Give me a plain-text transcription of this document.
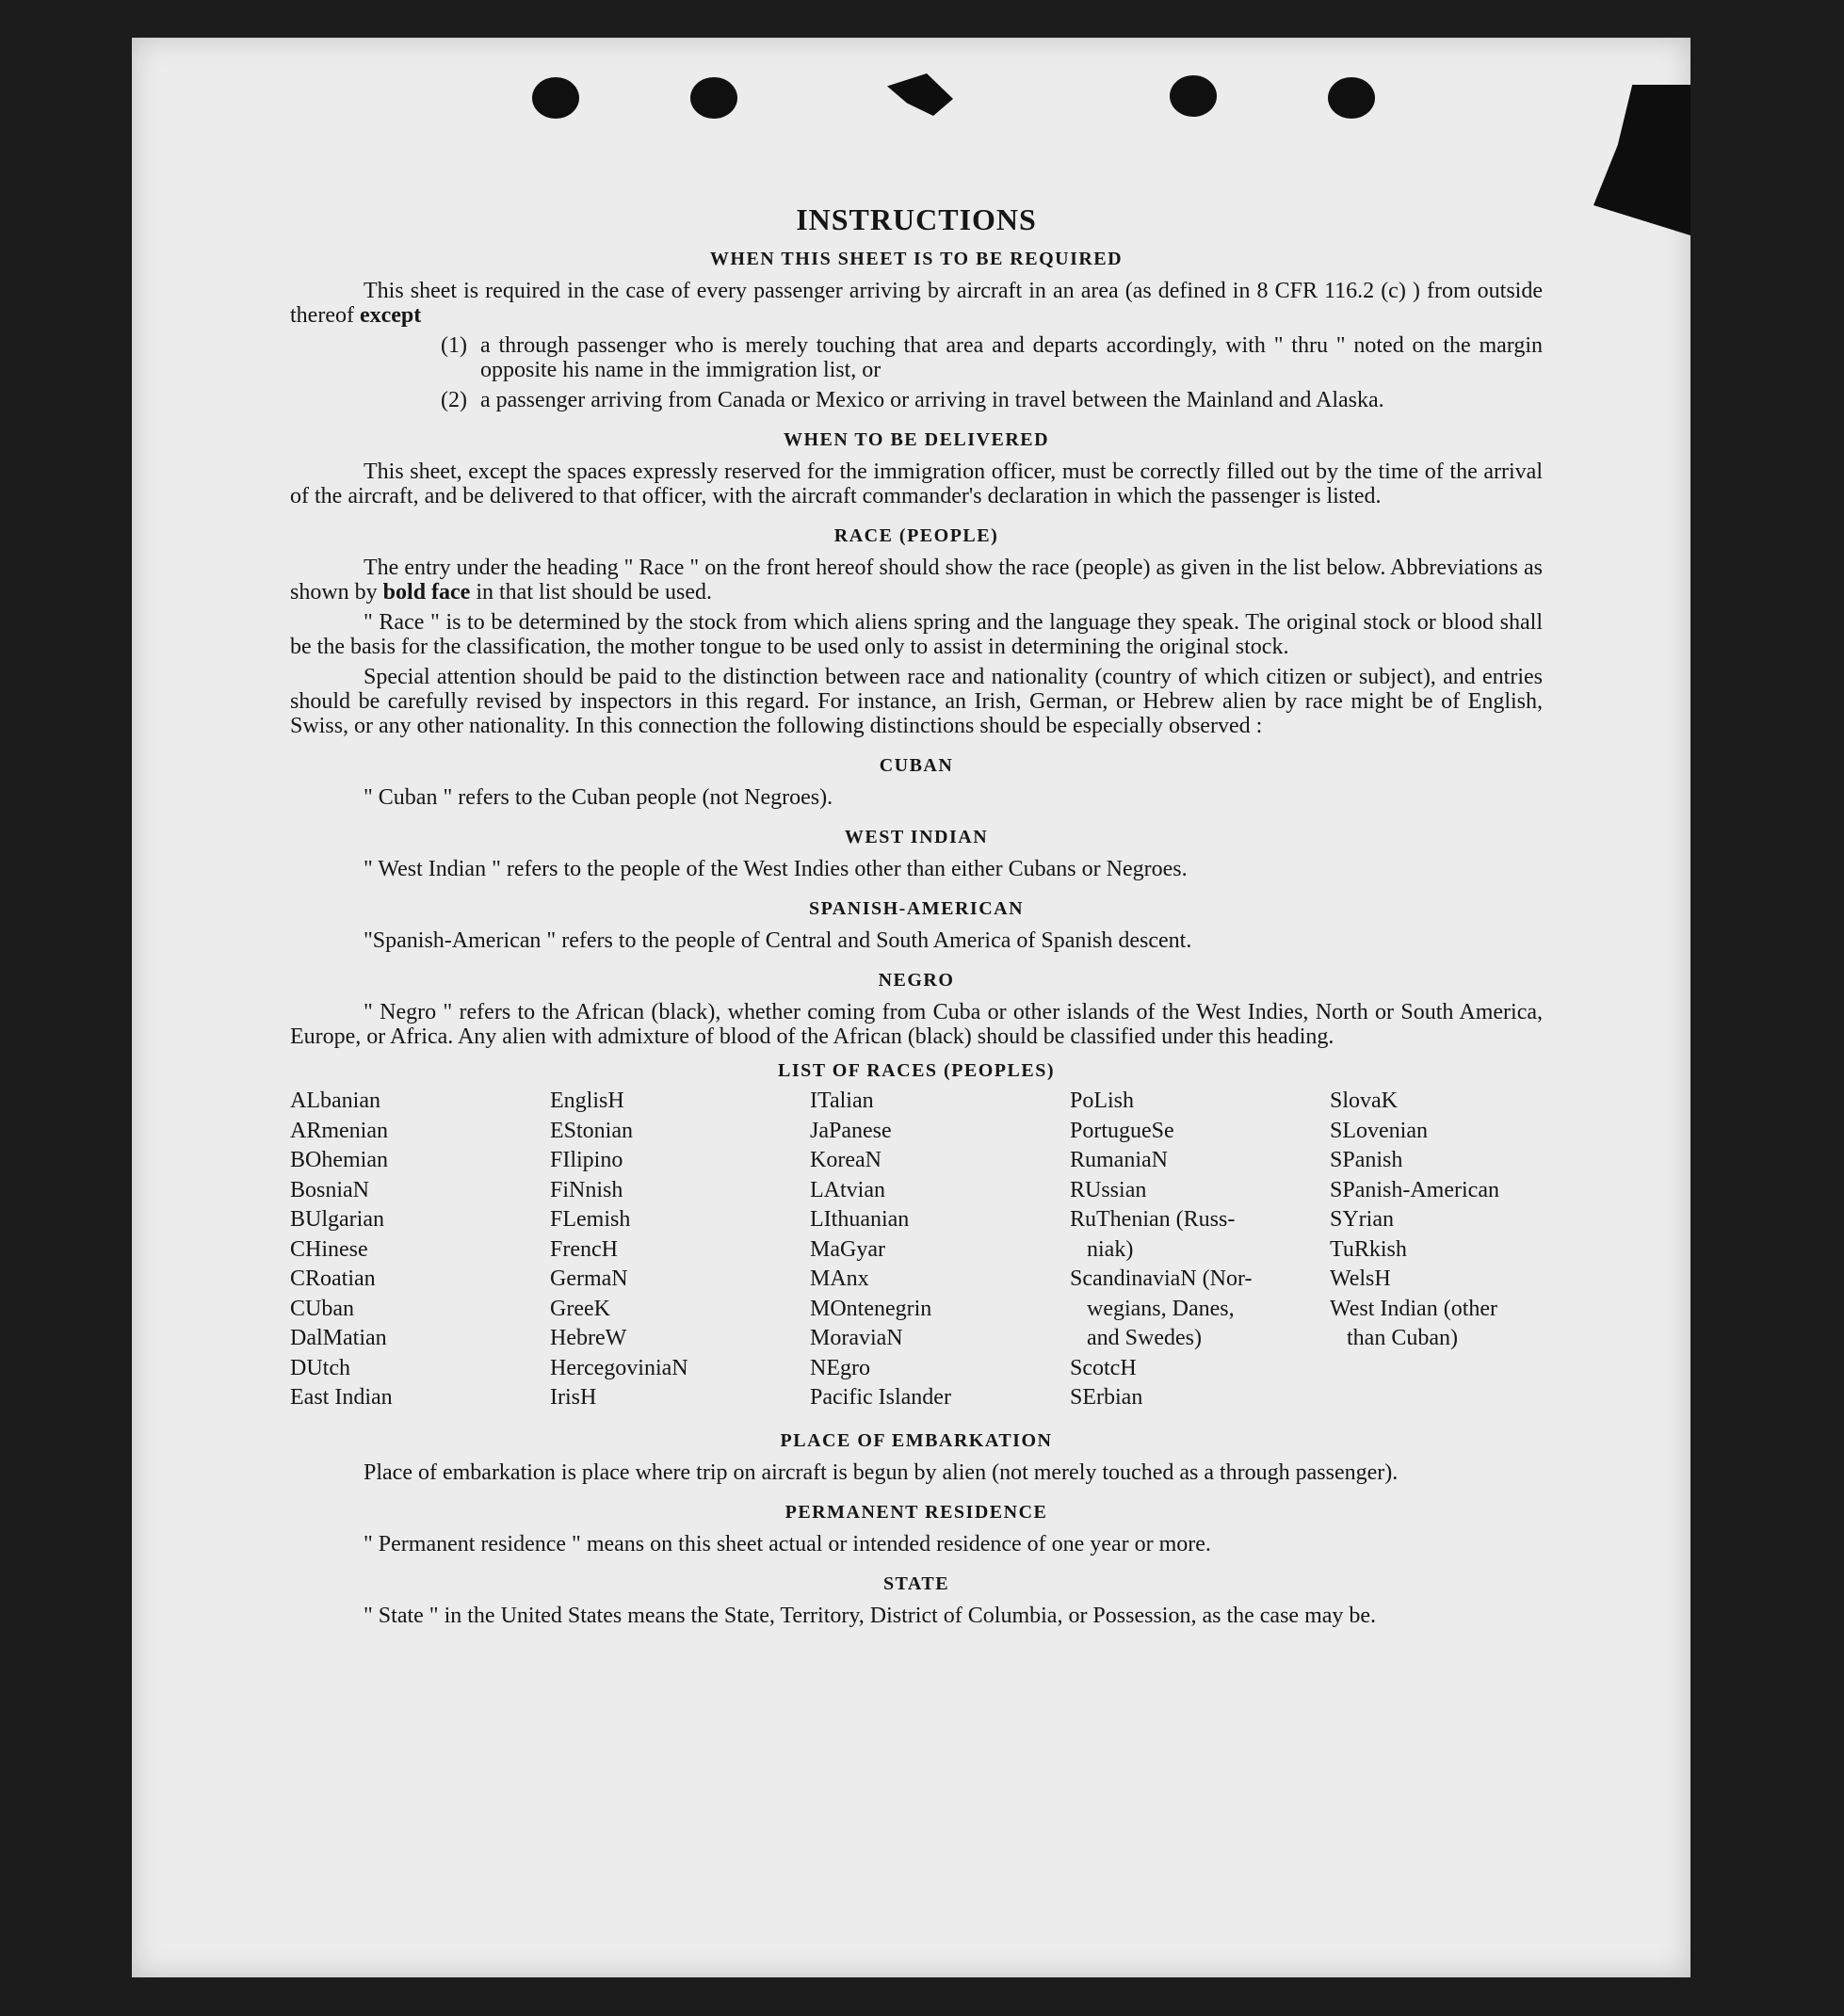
INSTRUCTIONS
WHEN THIS SHEET IS TO BE REQUIRED

This sheet is required in the case of every passenger arriving by aircraft in an area (as defined in 8 CFR 116.2 (c) ) from outside thereof except

(1) a through passenger who is merely touching that area and departs accordingly, with " thru " noted on the margin opposite his name in the immigration list, or
(2) a passenger arriving from Canada or Mexico or arriving in travel between the Mainland and Alaska.
WHEN TO BE DELIVERED

This sheet, except the spaces expressly reserved for the immigration officer, must be correctly filled out by the time of the arrival of the aircraft, and be delivered to that officer, with the aircraft commander's declaration in which the passenger is listed.

RACE (PEOPLE)

The entry under the heading " Race " on the front hereof should show the race (people) as given in the list below. Abbreviations as shown by bold face in that list should be used.

" Race " is to be determined by the stock from which aliens spring and the language they speak. The original stock or blood shall be the basis for the classification, the mother tongue to be used only to assist in determining the original stock.

Special attention should be paid to the distinction between race and nationality (country of which citizen or subject), and entries should be carefully revised by inspectors in this regard. For instance, an Irish, German, or Hebrew alien by race might be of English, Swiss, or any other nationality. In this connection the following distinctions should be especially observed :

CUBAN

" Cuban " refers to the Cuban people (not Negroes).

WEST INDIAN

" West Indian " refers to the people of the West Indies other than either Cubans or Negroes.

SPANISH-AMERICAN

"Spanish-American " refers to the people of Central and South America of Spanish descent.

NEGRO

" Negro " refers to the African (black), whether coming from Cuba or other islands of the West Indies, North or South America, Europe, or Africa. Any alien with admixture of blood of the African (black) should be classified under this heading.

LIST OF RACES (PEOPLES)
ALbanian
ARmenian
BOhemian
BosniaN
BUlgarian
CHinese
CRoatian
CUban
DalMatian
DUtch
East Indian
EnglisH
EStonian
FIlipino
FiNnish
FLemish
FrencH
GermaN
GreeK
HebreW
HercegoviniaN
IrisH
ITalian
JaPanese
KoreaN
LAtvian
LIthuanian
MaGyar
MAnx
MOntenegrin
MoraviaN
NEgro
Pacific Islander
PoLish
PortugueSe
RumaniaN
RUssian
RuThenian (Russ-
niak)
ScandinaviaN (Nor-
wegians, Danes,
and Swedes)
ScotcH
SErbian
SlovaK
SLovenian
SPanish
SPanish-American
SYrian
TuRkish
WelsH
West Indian (other
than Cuban)
PLACE OF EMBARKATION

Place of embarkation is place where trip on aircraft is begun by alien (not merely touched as a through passenger).

PERMANENT RESIDENCE

" Permanent residence " means on this sheet actual or intended residence of one year or more.

STATE

" State " in the United States means the State, Territory, District of Columbia, or Possession, as the case may be.
